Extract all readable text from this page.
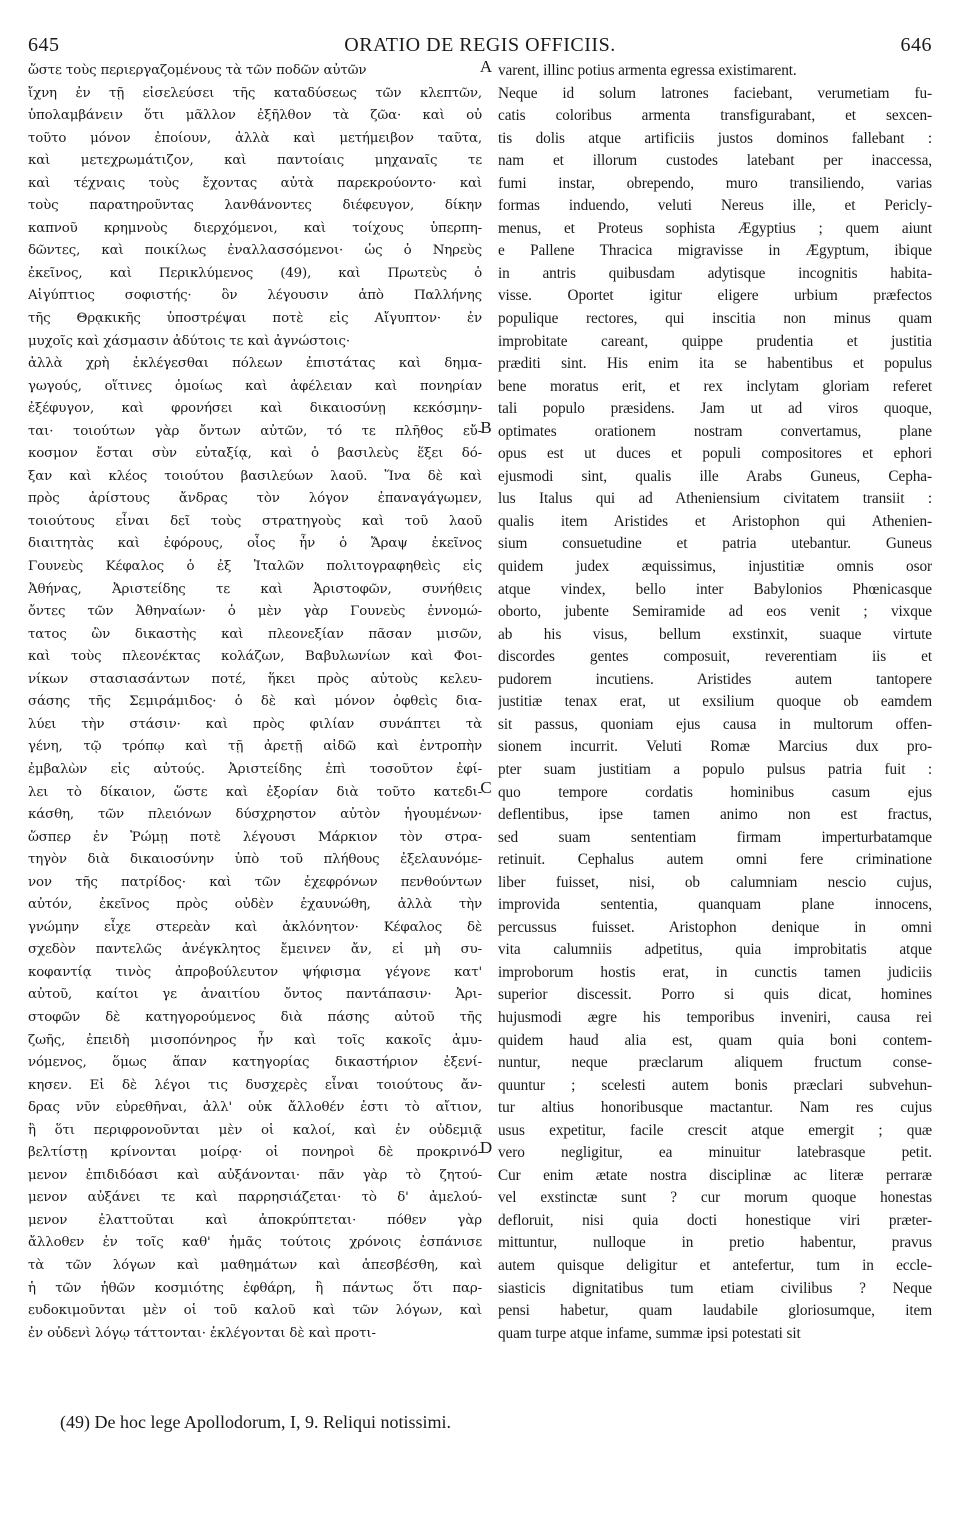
645	ORATIO DE REGIS OFFICIIS.	646
ὥστε τοὺς περιεργαζομένους τὰ τῶν ποδῶν αὐτῶν
ἴχνη ἐν τῇ εἰσελεύσει τῆς καταδύσεως τῶν κλεπτῶν,
ὑπολαμβάνειν ὅτι μᾶλλον ἐξῆλθον τὰ ζῶα· καὶ οὐ
τοῦτο μόνον ἐποίουν, ἀλλὰ καὶ μετήμειβον ταῦτα,
καὶ μετεχρωμάτιζον, καὶ παντοίαις μηχαναῖς τε
καὶ τέχναις τοὺς ἔχοντας αὐτὰ παρεκρούοντο· καὶ
τοὺς παρατηροῦντας λανθάνοντες διέφευγον, δίκην
καπνοῦ κρημνοὺς διερχόμενοι, καὶ τοίχους ὑπερπη-
δῶντες, καὶ ποικίλως ἐναλλασσόμενοι· ὡς ὁ Νηρεὺς
ἐκεῖνος, καὶ Περικλύμενος (49), καὶ Πρωτεὺς ὁ
Αἰγύπτιος σοφιστής· ὃν λέγουσιν ἀπὸ Παλλήνης
τῆς Θρᾳκικῆς ὑποστρέψαι ποτὲ εἰς Αἴγυπτον· ἐν
μυχοῖς καὶ χάσμασιν ἀδύτοις τε καὶ ἀγνώστοις·
ἀλλὰ χρὴ ἐκλέγεσθαι πόλεων ἐπιστάτας καὶ δημα-
γωγούς, οἵτινες ὁμοίως καὶ ἀφέλειαν καὶ πονηρίαν
ἐξέφυγον, καὶ φρονήσει καὶ δικαιοσύνῃ κεκόσμην-
ται· τοιούτων γὰρ ὄντων αὐτῶν, τό τε πλῆθος εὔ-
κοσμον ἔσται σὺν εὐταξίᾳ, καὶ ὁ βασιλεὺς ἕξει δό-
ξαν καὶ κλέος τοιούτου βασιλεύων λαοῦ. Ἵνα δὲ καὶ
πρὸς ἀρίστους ἄνδρας τὸν λόγον ἐπαναγάγωμεν,
τοιούτους εἶναι δεῖ τοὺς στρατηγοὺς καὶ τοῦ λαοῦ
διαιτητὰς καὶ ἐφόρους, οἷος ἦν ὁ Ἄραψ ἐκεῖνος
Γουνεὺς Κέφαλος ὁ ἐξ Ἰταλῶν πολιτογραφηθεὶς εἰς
Ἀθήνας, Ἀριστείδης τε καὶ Ἀριστοφῶν, συνήθεις
ὄντες τῶν Ἀθηναίων· ὁ μὲν γὰρ Γουνεὺς ἐννομώ-
τατος ὢν δικαστὴς καὶ πλεονεξίαν πᾶσαν μισῶν,
καὶ τοὺς πλεονέκτας κολάζων, Βαβυλωνίων καὶ Φοι-
νίκων στασιασάντων ποτέ, ἥκει πρὸς αὐτοὺς κελευ-
σάσης τῆς Σεμιράμιδος· ὁ δὲ καὶ μόνον ὀφθεὶς δια-
λύει τὴν στάσιν· καὶ πρὸς φιλίαν συνάπτει τὰ
γένη, τῷ τρόπῳ καὶ τῇ ἀρετῇ αἰδῶ καὶ ἐντροπὴν
ἐμβαλὼν εἰς αὐτούς. Ἀριστείδης ἐπὶ τοσοῦτον ἐφί-
λει τὸ δίκαιον, ὥστε καὶ ἐξορίαν διὰ τοῦτο κατεδι-
κάσθη, τῶν πλειόνων δύσχρηστον αὐτὸν ἡγουμένων·
ὥσπερ ἐν Ῥώμῃ ποτὲ λέγουσι Μάρκιον τὸν στρα-
τηγὸν διὰ δικαιοσύνην ὑπὸ τοῦ πλήθους ἐξελαυνόμε-
νον τῆς πατρίδος· καὶ τῶν ἐχεφρόνων πενθούντων
αὐτόν, ἐκεῖνος πρὸς οὐδὲν ἐχαυνώθη, ἀλλὰ τὴν
γνώμην εἶχε στερεὰν καὶ ἀκλόνητον· Κέφαλος δὲ
σχεδὸν παντελῶς ἀνέγκλητος ἔμεινεν ἄν, εἰ μὴ συ-
κοφαντίᾳ τινὸς ἀπροβούλευτον ψήφισμα γέγονε κατ'
αὐτοῦ, καίτοι γε ἀναιτίου ὄντος παντάπασιν· Ἀρι-
στοφῶν δὲ κατηγορούμενος διὰ πάσης αὐτοῦ τῆς
ζωῆς, ἐπειδὴ μισοπόνηρος ἦν καὶ τοῖς κακοῖς ἀμυ-
νόμενος, ὅμως ἅπαν κατηγορίας δικαστήριον ἐξενί-
κησεν. Εἰ δὲ λέγοι τις δυσχερὲς εἶναι τοιούτους ἄν-
δρας νῦν εὑρεθῆναι, ἀλλ' οὐκ ἄλλοθέν ἐστι τὸ αἴτιον,
ἢ ὅτι περιφρονοῦνται μὲν οἱ καλοί, καὶ ἐν οὐδεμιᾷ
βελτίστῃ κρίνονται μοίρᾳ· οἱ πονηροὶ δὲ προκρινό-
μενον ἐπιδιδόασι καὶ αὐξάνονται· πᾶν γὰρ τὸ ζητού-
μενον αὐξάνει τε καὶ παρρησιάζεται· τὸ δ' ἀμελού-
μενον ἐλαττοῦται καὶ ἀποκρύπτεται· πόθεν γὰρ
ἄλλοθεν ἐν τοῖς καθ' ἡμᾶς τούτοις χρόνοις ἐσπάνισε
τὰ τῶν λόγων καὶ μαθημάτων καὶ ἀπεσβέσθη, καὶ
ἡ τῶν ἠθῶν κοσμιότης ἐφθάρη, ἢ πάντως ὅτι παρ-
ευδοκιμοῦνται μὲν οἱ τοῦ καλοῦ καὶ τῶν λόγων, καὶ
ἐν οὐδενὶ λόγῳ τάττονται· ἐκλέγονται δὲ καὶ προτι-
varent, illinc potius armenta egressa existimarent.
Neque id solum latrones faciebant, verumetiam fu-
catis coloribus armenta transfigurabant, et sexcen-
tis dolis atque artificiis justos dominos fallebant :
nam et illorum custodes latebant per inaccessa,
fumi instar, obrependo, muro transiliendo, varias
formas induendo, veluti Nereus ille, et Pericly-
menus, et Proteus sophista Ægyptius ; quem aiunt
e Pallene Thracica migravisse in Ægyptum, ibique
in antris quibusdam adytisque incognitis habita-
visse. Oportet igitur eligere urbium præfectos
populique rectores, qui inscitia non minus quam
improbitate careant, quippe prudentia et justitia
præditi sint. His enim ita se habentibus et populus
bene moratus erit, et rex inclytam gloriam referet
tali populo præsidens. Jam ut ad viros quoque,
optimates orationem nostram convertamus, plane
opus est ut duces et populi compositores et ephori
ejusmodi sint, qualis ille Arabs Guneus, Cepha-
lus Italus qui ad Atheniensium civitatem transiit :
qualis item Aristides et Aristophon qui Athenien-
sium consuetudine et patria utebantur. Guneus
quidem judex æquissimus, injustitiæ omnis osor
atque vindex, bello inter Babylonios Phœnicasque
oborto, jubente Semiramide ad eos venit ; vixque
ab his visus, bellum exstinxit, suaque virtute
discordes gentes composuit, reverentiam iis et
pudorem incutiens. Aristides autem tantopere
justitiæ tenax erat, ut exsilium quoque ob eamdem
sit passus, quoniam ejus causa in multorum offen-
sionem incurrit. Veluti Romæ Marcius dux pro-
pter suam justitiam a populo pulsus patria fuit :
quo tempore cordatis hominibus casum ejus
deflentibus, ipse tamen animo non est fractus,
sed suam sententiam firmam imperturbatamque
retinuit. Cephalus autem omni fere criminatione
liber fuisset, nisi, ob calumniam nescio cujus,
improvida sententia, quanquam plane innocens,
percussus fuisset. Aristophon denique in omni
vita calumniis adpetitus, quia improbitatis atque
improborum hostis erat, in cunctis tamen judiciis
superior discessit. Porro si quis dicat, homines
hujusmodi ægre his temporibus inveniri, causa rei
quidem haud alia est, quam quia boni contem-
nuntur, neque præclarum aliquem fructum conse-
quuntur ; scelesti autem bonis præclari subvehun-
tur altius honoribusque mactantur. Nam res cujus
usus expetitur, facile crescit atque emergit ; quæ
vero negligitur, ea minuitur latebrasque petit.
Cur enim ætate nostra disciplinæ ac literæ perraræ
vel exstinctæ sunt ? cur morum quoque honestas
defloruit, nisi quia docti honestique viri præter-
mittuntur, nulloque in pretio habentur, pravus
autem quisque deligitur et antefertur, tum in eccle-
siasticis dignitatibus tum etiam civilibus ? Neque
pensi habetur, quam laudabile gloriosumque, item
quam turpe atque infame, summæ ipsi potestati sit
A
B
C
D
(49) De hoc lege Apollodorum, I, 9. Reliqui notissimi.
